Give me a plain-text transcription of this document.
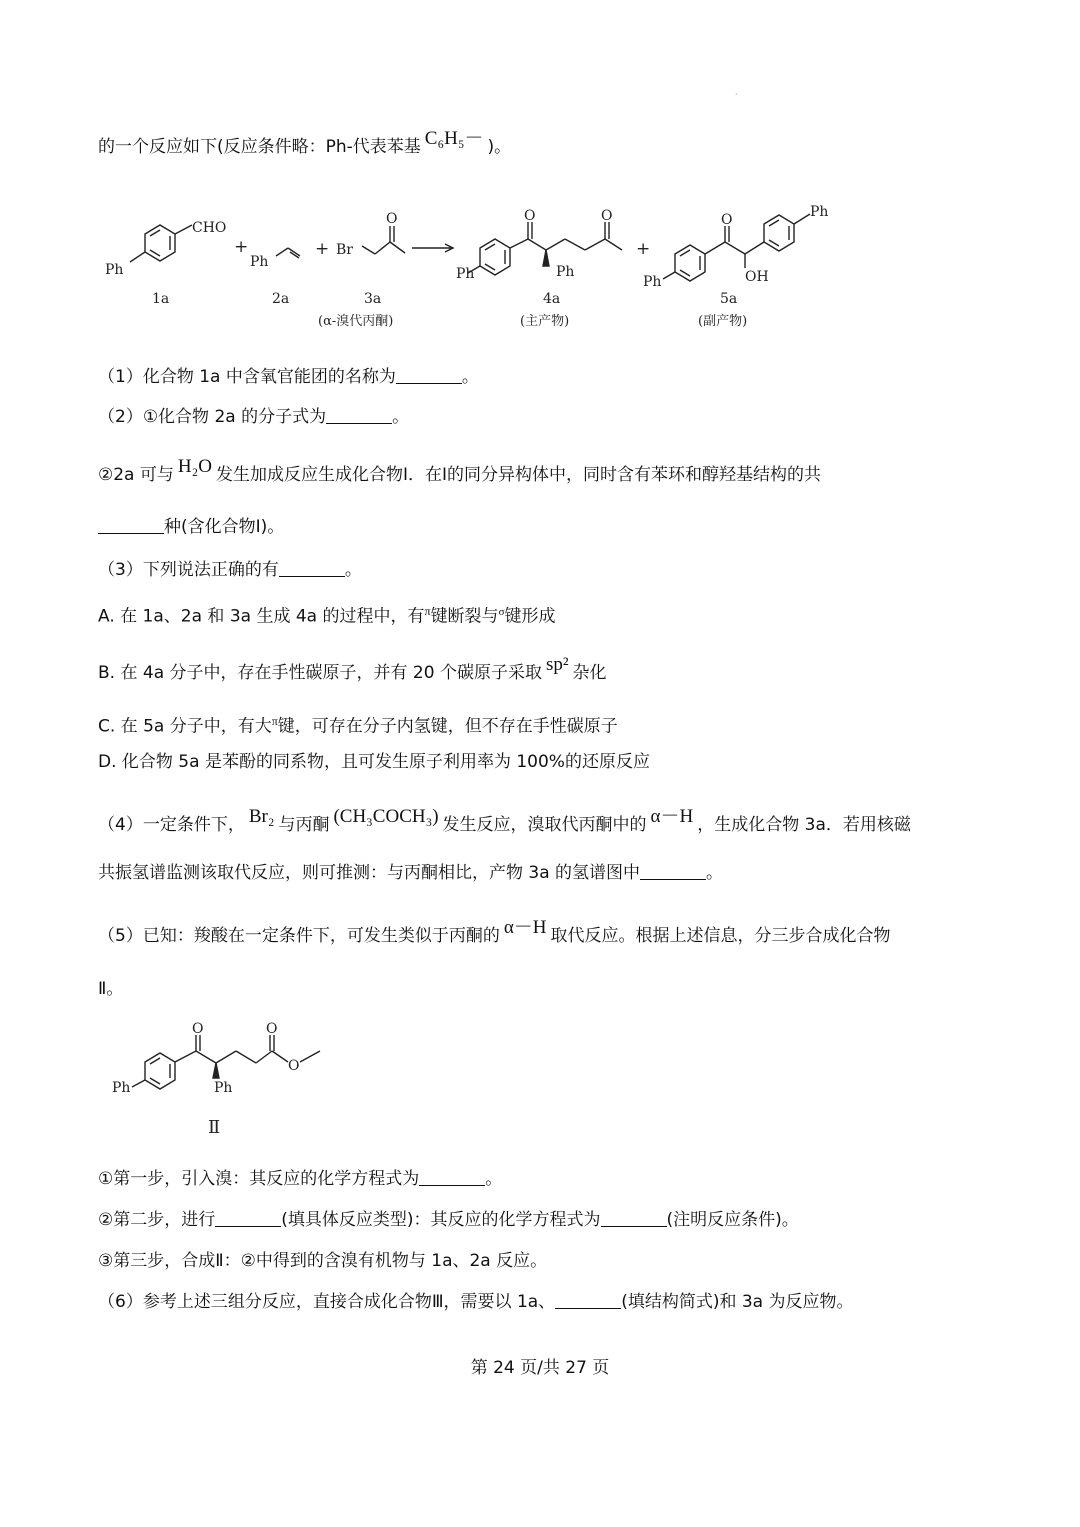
·
的一个反应如下(反应条件略：Ph-代表苯基 C₆H₅－ )。
Ph
CHO
+
Ph
+ Br
O
Ph
O	O
Ph
+
Ph
O
OH
Ph
1a	2a	3a	4a	5a
(α-溴代丙酮)	(主产物)	(副产物)
（1）化合物 1a 中含氧官能团的名称为	。
（2）①化合物 2a 的分子式为	。
②2a 可与 H₂O 发生加成反应生成化合物Ⅰ．在Ⅰ的同分异构体中，同时含有苯环和醇羟基结构的共
种(含化合物Ⅰ)。
（3）下列说法正确的有	。
A. 在 1a、2a 和 3a 生成 4a 的过程中，有$^\pi$键断裂与$^\sigma$键形成
B. 在 4a 分子中，存在手性碳原子，并有 20 个碳原子采取 sp² 杂化
C. 在 5a 分子中，有大$^\pi$键，可存在分子内氢键，但不存在手性碳原子
D. 化合物 5a 是苯酚的同系物，且可发生原子利用率为 100%的还原反应
（4）一定条件下， Br₂ 与丙酮 (CH₃COCH₃) 发生反应，溴取代丙酮中的 α－H ，生成化合物 3a．若用核磁
共振氢谱监测该取代反应，则可推测：与丙酮相比，产物 3a 的氢谱图中	。
（5）已知：羧酸在一定条件下，可发生类似于丙酮的 α－H 取代反应。根据上述信息，分三步合成化合物
Ⅱ。
Ph
O	O
O
Ph
Ⅱ
①第一步，引入溴：其反应的化学方程式为	。
②第二步，进行	(填具体反应类型)：其反应的化学方程式为	(注明反应条件)。
③第三步，合成Ⅱ：②中得到的含溴有机物与 1a、2a 反应。
（6）参考上述三组分反应，直接合成化合物Ⅲ，需要以 1a、	(填结构简式)和 3a 为反应物。
第 24 页/共 27 页
